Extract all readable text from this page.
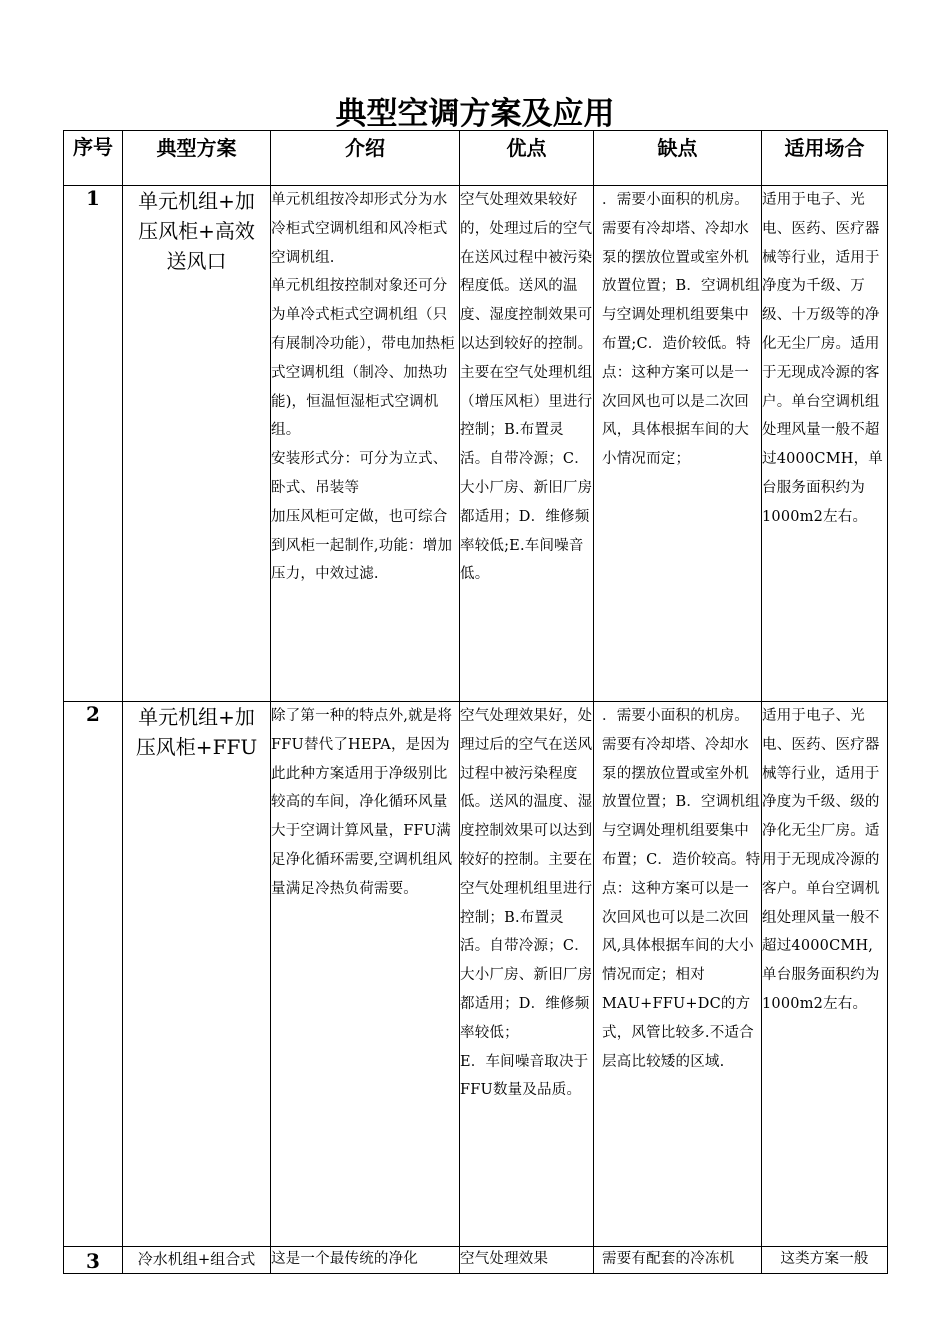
典型空调方案及应用
序号	典型方案	介绍	优点	缺点	适用场合
1	单元机组+加压风柜+高效送风口	单元机组按冷却形式分为水冷柜式空调机组和风冷柜式空调机组.
单元机组按控制对象还可分为单冷式柜式空调机组（只有展制冷功能），带电加热柜式空调机组（制冷、加热功能)，恒温恒湿柜式空调机组。
安装形式分：可分为立式、卧式、吊装等
加压风柜可定做，也可综合到风柜一起制作,功能：增加压力，中效过滤.	空气处理效果较好的，处理过后的空气在送风过程中被污染程度低。送风的温度、湿度控制效果可以达到较好的控制。主要在空气处理机组（增压风柜）里进行控制；B.布置灵活。自带冷源；C．大小厂房、新旧厂房都适用；D．维修频率较低;E.车间噪音低。	．需要小面积的机房。需要有冷却塔、冷却水泵的摆放位置或室外机放置位置；B．空调机组与空调处理机组要集中布置;C．造价较低。特点：这种方案可以是一次回风也可以是二次回风，具体根据车间的大小情况而定；	适用于电子、光电、医药、医疗器械等行业，适用于净度为千级、万级、十万级等的净化无尘厂房。适用于无现成冷源的客户。单台空调机组处理风量一般不超过4000CMH，单台服务面积约为1000m2左右。
2	单元机组+加压风柜+FFU	除了第一种的特点外,就是将FFU替代了HEPA，是因为此此种方案适用于净级别比较高的车间，净化循环风量大于空调计算风量，FFU满足净化循环需要,空调机组风量满足冷热负荷需要。	空气处理效果好，处理过后的空气在送风过程中被污染程度低。送风的温度、湿度控制效果可以达到较好的控制。主要在空气处理机组里进行控制；B.布置灵活。自带冷源；C．大小厂房、新旧厂房都适用；D．维修频率较低；
E．车间噪音取决于FFU数量及品质。	．需要小面积的机房。需要有冷却塔、冷却水泵的摆放位置或室外机放置位置；B．空调机组与空调处理机组要集中布置；C．造价较高。特点：这种方案可以是一次回风也可以是二次回风,具体根据车间的大小情况而定；相对MAU+FFU+DC的方式，风管比较多.不适合层高比较矮的区域.	适用于电子、光电、医药、医疗器械等行业，适用于净度为千级、级的净化无尘厂房。适用于无现成冷源的客户。单台空调机组处理风量一般不超过4000CMH,单台服务面积约为1000m2左右。
3	冷水机组+组合式	这是一个最传统的净化	空气处理效果	需要有配套的冷冻机	这类方案一般
